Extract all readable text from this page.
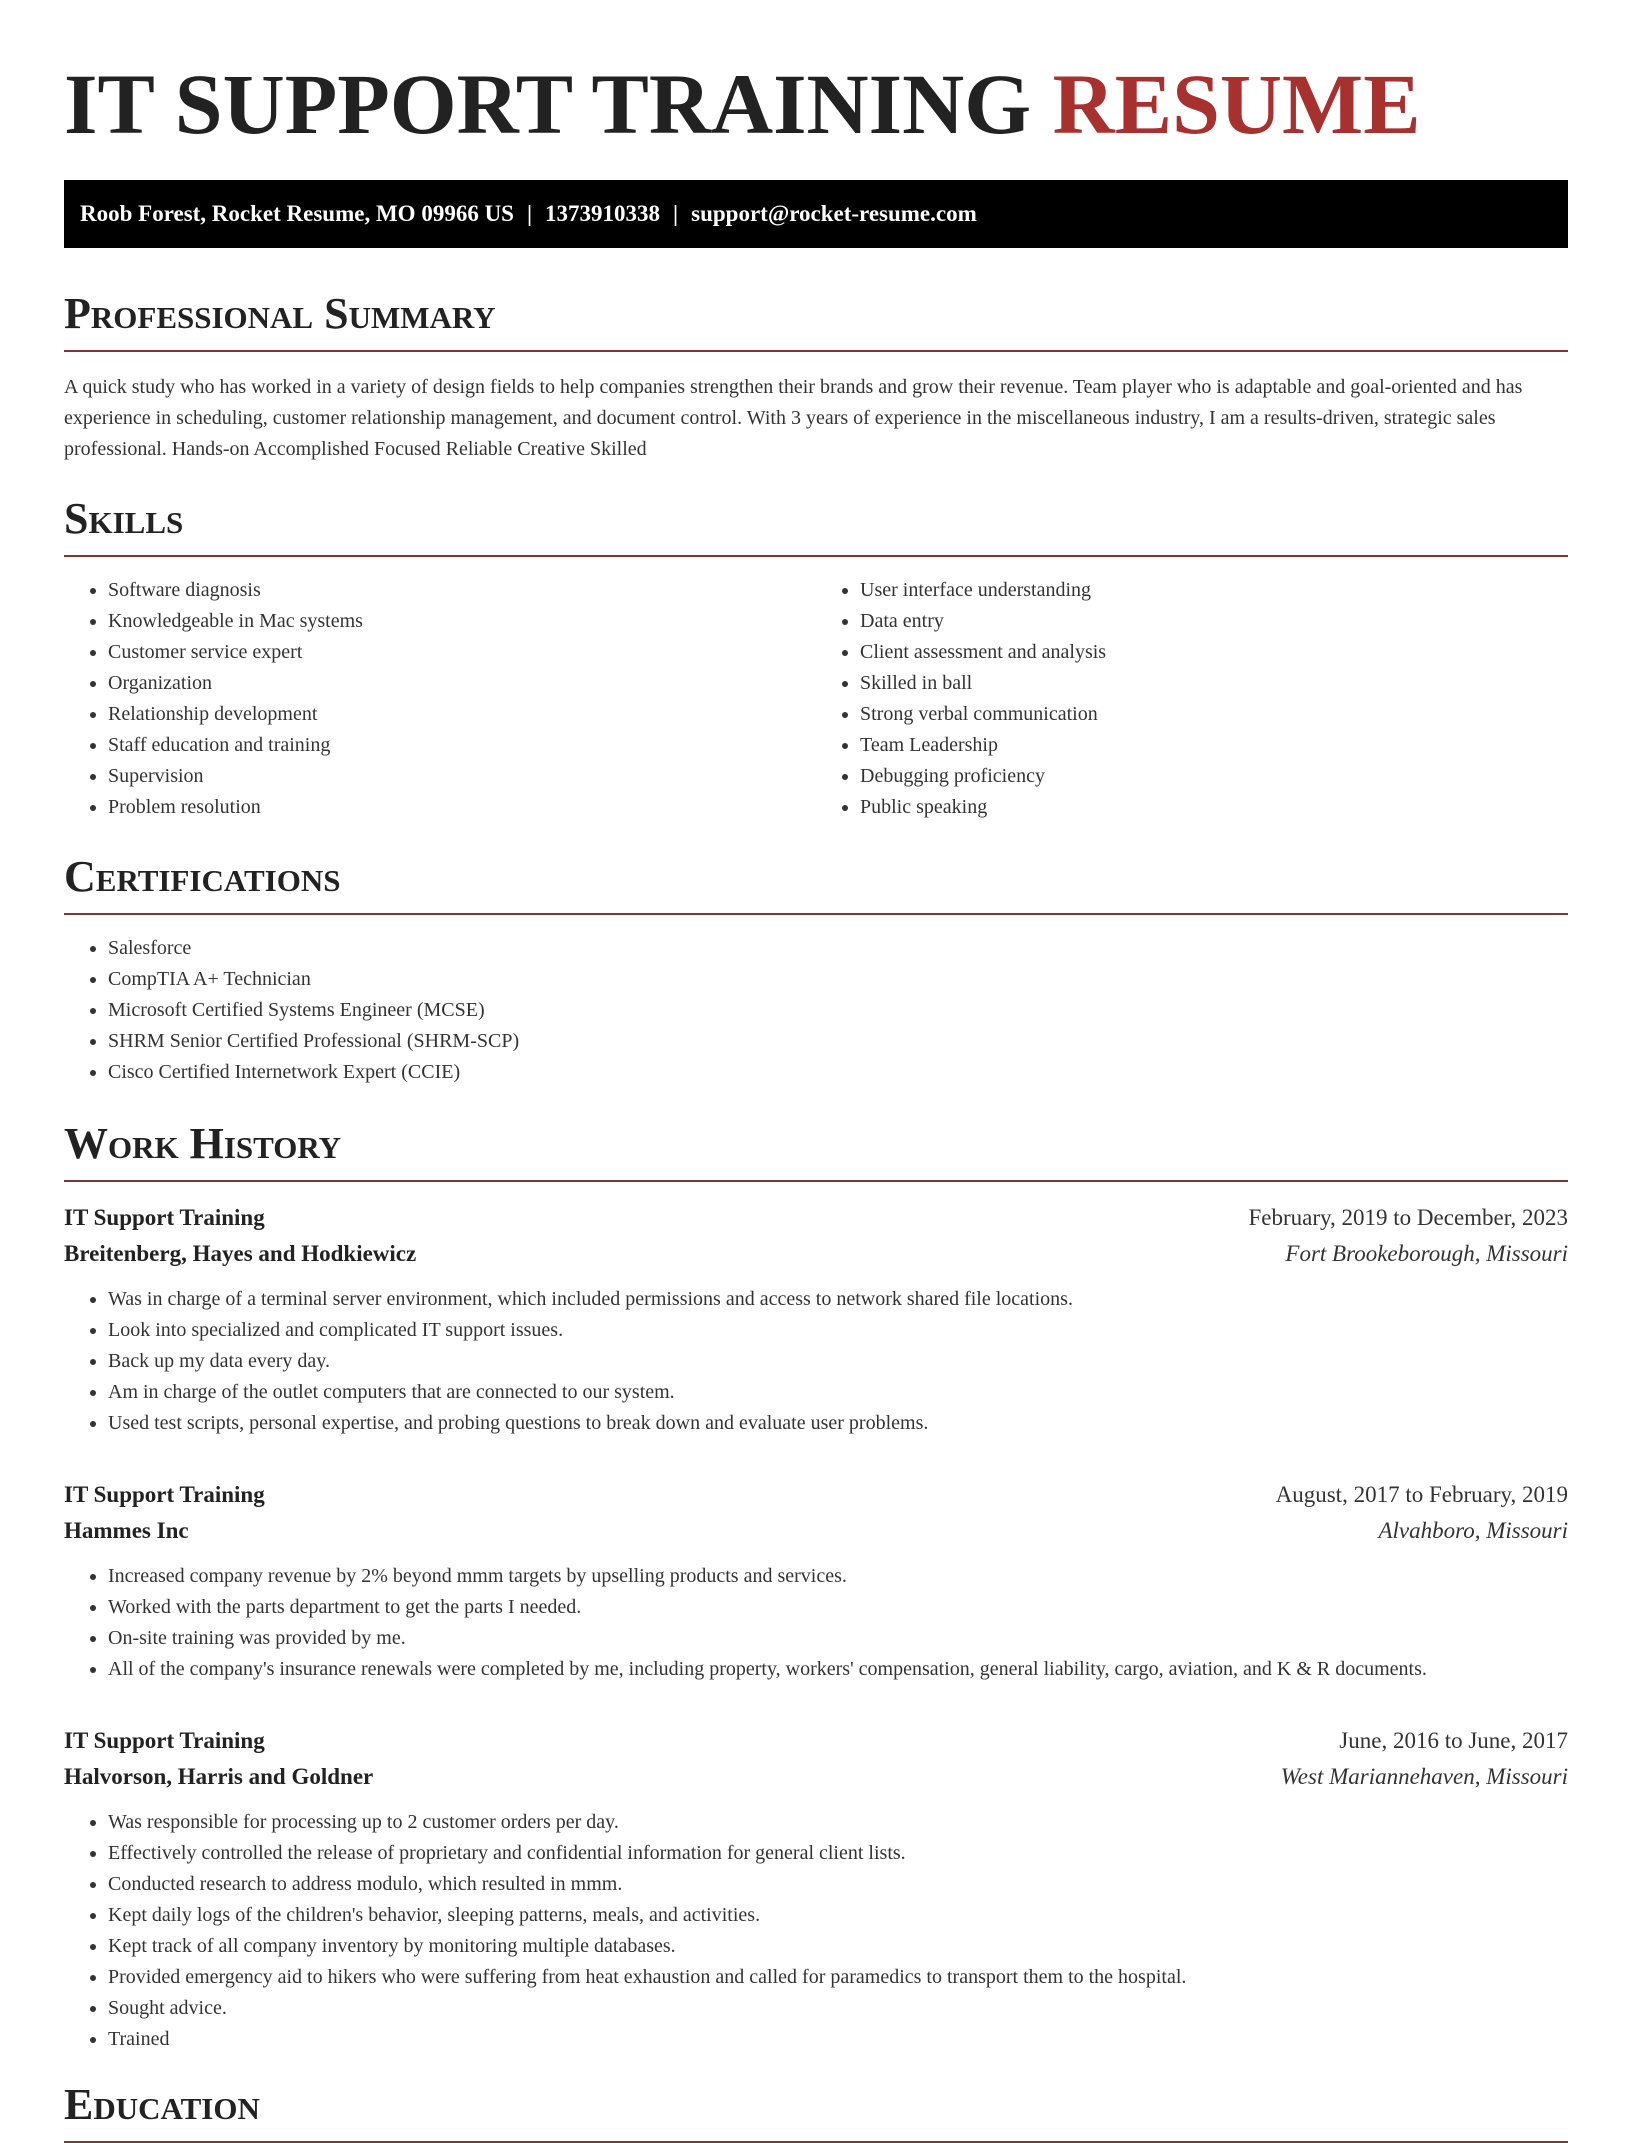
IT SUPPORT TRAINING RESUME
Roob Forest, Rocket Resume, MO 09966 US | 1373910338 | support@rocket-resume.com
Professional Summary

A quick study who has worked in a variety of design fields to help companies strengthen their brands and grow their revenue. Team player who is adaptable and goal-oriented and has experience in scheduling, customer relationship management, and document control. With 3 years of experience in the miscellaneous industry, I am a results-driven, strategic sales professional. Hands-on Accomplished Focused Reliable Creative Skilled

Skills
• Software diagnosis
• Knowledgeable in Mac systems
• Customer service expert
• Organization
• Relationship development
• Staff education and training
• Supervision
• Problem resolution
• User interface understanding
• Data entry
• Client assessment and analysis
• Skilled in ball
• Strong verbal communication
• Team Leadership
• Debugging proficiency
• Public speaking
Certifications
• Salesforce
• CompTIA A+ Technician
• Microsoft Certified Systems Engineer (MCSE)
• SHRM Senior Certified Professional (SHRM-SCP)
• Cisco Certified Internetwork Expert (CCIE)
Work History
IT Support Training	February, 2019 to December, 2023
Breitenberg, Hayes and Hodkiewicz	Fort Brookeborough, Missouri
• Was in charge of a terminal server environment, which included permissions and access to network shared file locations.
• Look into specialized and complicated IT support issues.
• Back up my data every day.
• Am in charge of the outlet computers that are connected to our system.
• Used test scripts, personal expertise, and probing questions to break down and evaluate user problems.
IT Support Training	August, 2017 to February, 2019
Hammes Inc	Alvahboro, Missouri
• Increased company revenue by 2% beyond mmm targets by upselling products and services.
• Worked with the parts department to get the parts I needed.
• On-site training was provided by me.
• All of the company's insurance renewals were completed by me, including property, workers' compensation, general liability, cargo, aviation, and K & R documents.
IT Support Training	June, 2016 to June, 2017
Halvorson, Harris and Goldner	West Mariannehaven, Missouri
• Was responsible for processing up to 2 customer orders per day.
• Effectively controlled the release of proprietary and confidential information for general client lists.
• Conducted research to address modulo, which resulted in mmm.
• Kept daily logs of the children's behavior, sleeping patterns, meals, and activities.
• Kept track of all company inventory by monitoring multiple databases.
• Provided emergency aid to hikers who were suffering from heat exhaustion and called for paramedics to transport them to the hospital.
• Sought advice.
• Trained
Education
